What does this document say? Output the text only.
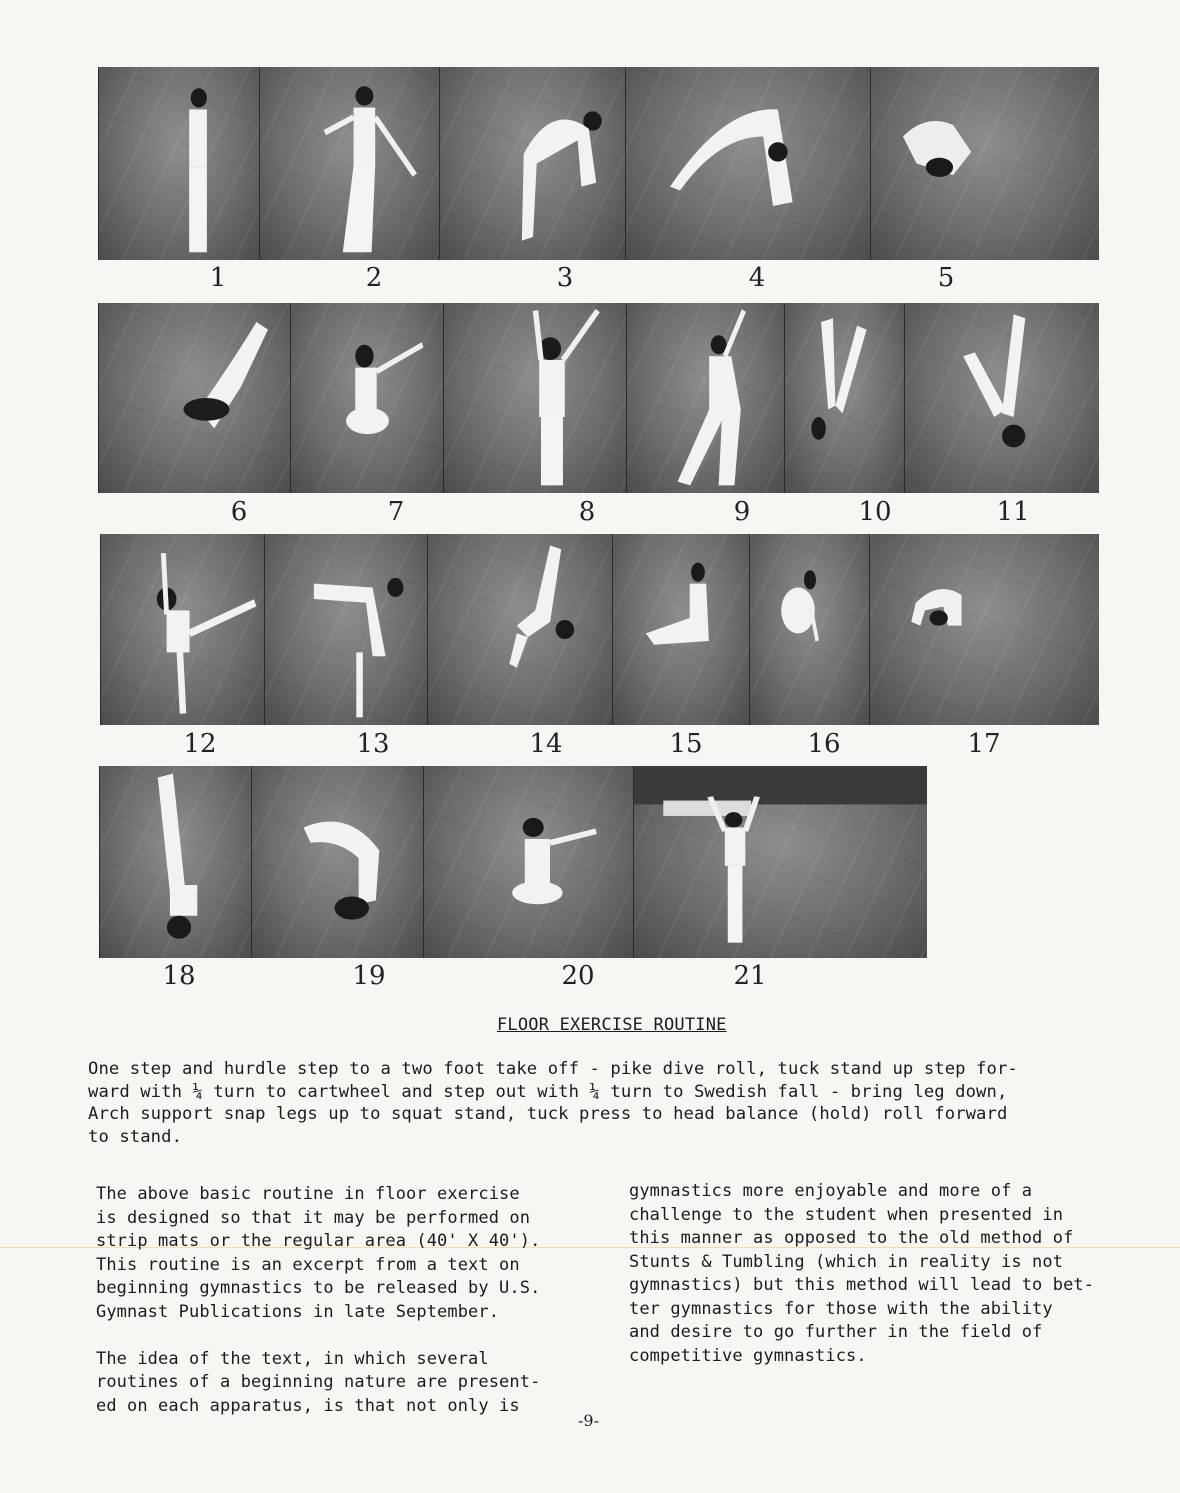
1	2	3	4	5
6	7	8	9	10	11
12	13	14	15	16	17
18	19	20	21
FLOOR EXERCISE ROUTINE
One step and hurdle step to a two foot take off - pike dive roll, tuck stand up step for-
ward with ¼ turn to cartwheel and step out with ¼ turn to Swedish fall - bring leg down,
Arch support snap legs up to squat stand, tuck press to head balance (hold) roll forward
to stand.
The above basic routine in floor exercise
is designed so that it may be performed on
strip mats or the regular area (40' X 40').
This routine is an excerpt from a text on
beginning gymnastics to be released by U.S.
Gymnast Publications in late September.

The idea of the text, in which several
routines of a beginning nature are present-
ed on each apparatus, is that not only is
gymnastics more enjoyable and more of a
challenge to the student when presented in
this manner as opposed to the old method of
Stunts & Tumbling (which in reality is not
gymnastics) but this method will lead to bet-
ter gymnastics for those with the ability
and desire to go further in the field of
competitive gymnastics.
-9-
